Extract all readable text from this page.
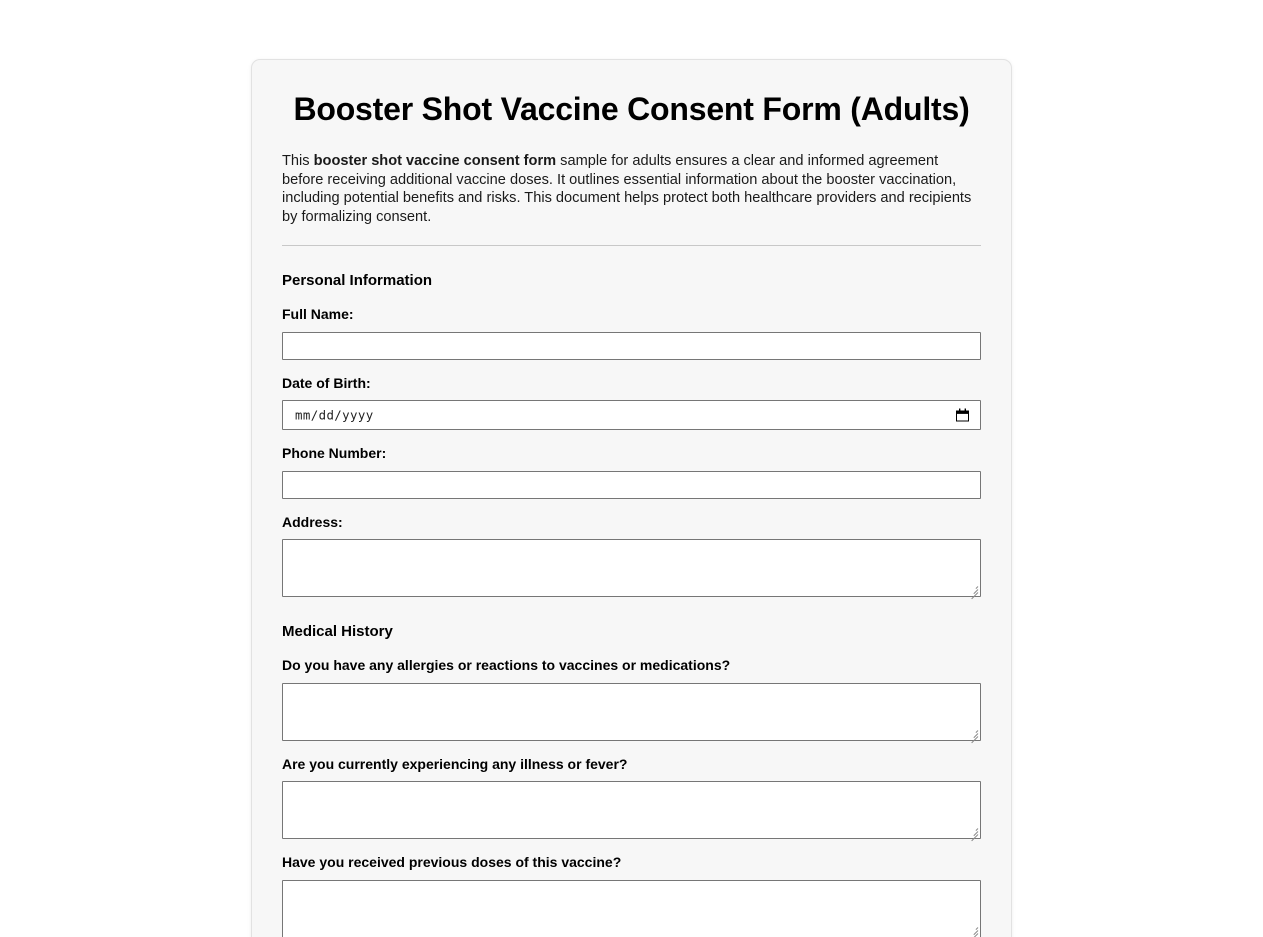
Booster Shot Vaccine Consent Form (Adults)

This booster shot vaccine consent form sample for adults ensures a clear and informed agreement before receiving additional vaccine doses. It outlines essential information about the booster vaccination, including potential benefits and risks. This document helps protect both healthcare providers and recipients by formalizing consent.

Personal Information
Full Name:
Date of Birth:
mm/dd/yyyy
Phone Number:
Address:
Medical History
Do you have any allergies or reactions to vaccines or medications?
Are you currently experiencing any illness or fever?
Have you received previous doses of this vaccine?
